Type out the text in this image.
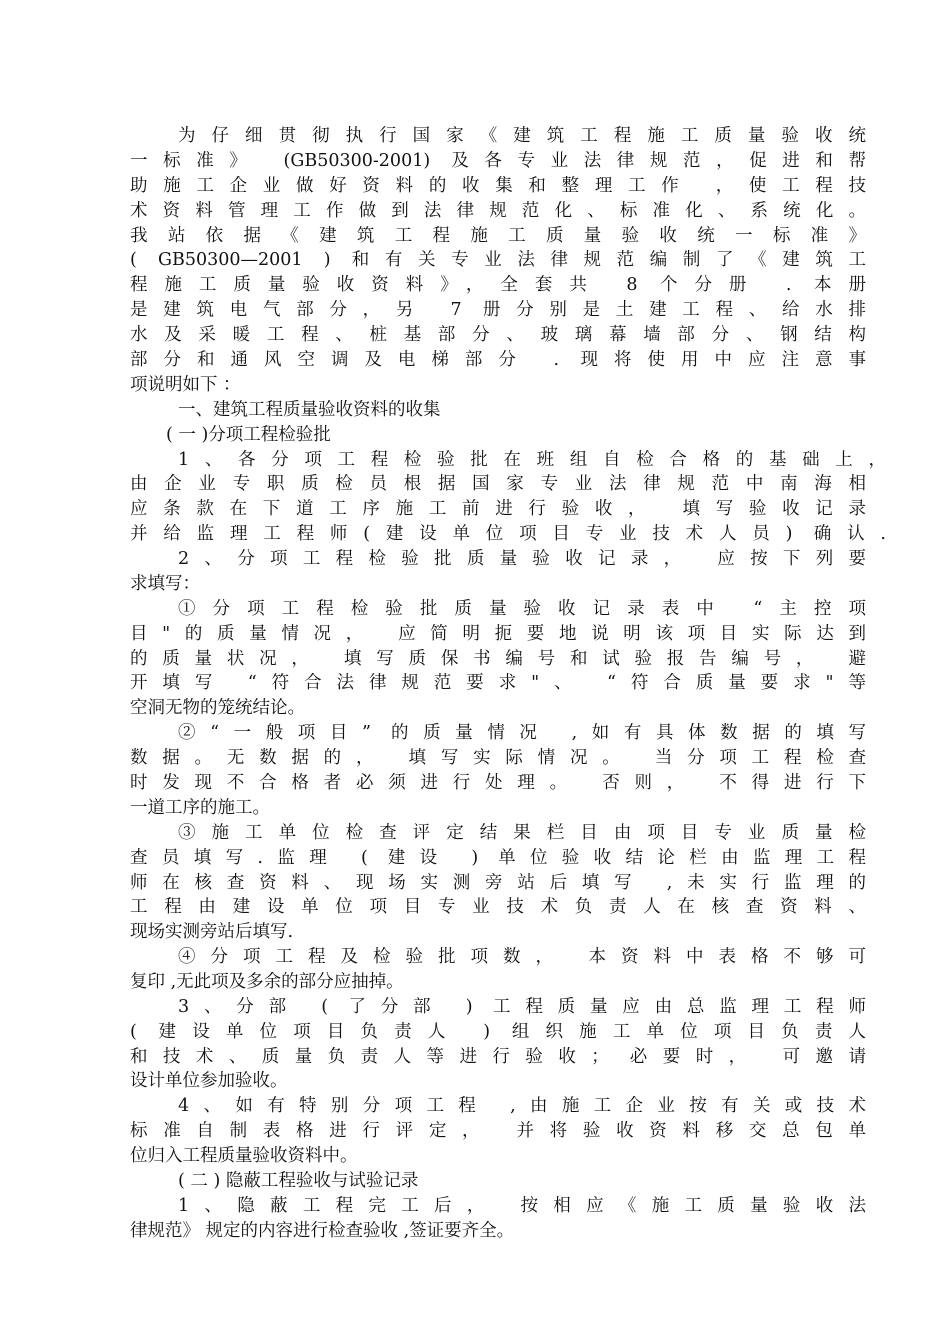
为仔细贯彻执行国家《建筑工程施工质量验收统
一标准》 (GB50300-2001) 及各专业法律规范，促进和帮
助施工企业做好资料的收集和整理工作 ，使工程技
术资料管理工作做到法律规范化、标准化、系统化。
我站依据《建筑工程施工质量验收统一标准》
( GB50300—2001 ) 和有关专业法律规范编制了《建筑工
程施工质量验收资料》，全套共 8 个分册 . 本册
是建筑电气部分，另 7 册分别是土建工程、给水排
水及采暖工程、桩基部分、玻璃幕墙部分、钢结构
部分和通风空调及电梯部分 . 现将使用中应注意事
项说明如下 ：
一、建筑工程质量验收资料的收集
( 一 )分项工程检验批
1、各分项工程检验批在班组自检合格的基础上，
由企业专职质检员根据国家专业法律规范中南海相
应条款在下道工序施工前进行验收， 填写验收记录
并给监理工程师(建设单位项目专业技术人员) 确认.
2、分项工程检验批质量验收记录， 应按下列要
求填写：
①分项工程检验批质量验收记录表中 “主控项
目"的质量情况， 应简明扼要地说明该项目实际达到
的质量状况， 填写质保书编号和试验报告编号， 避
开填写 “符合法律规范要求"、 “符合质量要求"等
空洞无物的笼统结论。
②“一般项目” 的质量情况 ,如有具体数据的填写
数据。无数据的， 填写实际情况。 当分项工程检查
时发现不合格者必须进行处理。 否则， 不得进行下
一道工序的施工。
③施工单位检查评定结果栏目由项目专业质量检
查员填写.监理 ( 建设 ) 单位验收结论栏由监理工程
师在核查资料、现场实测旁站后填写 ,未实行监理的
工程由建设单位项目专业技术负责人在核查资料、
现场实测旁站后填写.
④分项工程及检验批项数， 本资料中表格不够可
复印 ,无此项及多余的部分应抽掉。
3、分部 ( 了分部 ) 工程质量应由总监理工程师
( 建设单位项目负责人 ) 组织施工单位项目负责人
和技术、质量负责人等进行验收； 必要时， 可邀请
设计单位参加验收。
4、如有特别分项工程 ,由施工企业按有关或技术
标准自制表格进行评定， 并将验收资料移交总包单
位归入工程质量验收资料中。
( 二 ) 隐蔽工程验收与试验记录
1、隐蔽工程完工后， 按相应《施工质量验收法
律规范》 规定的内容进行检查验收 ,签证要齐全。
